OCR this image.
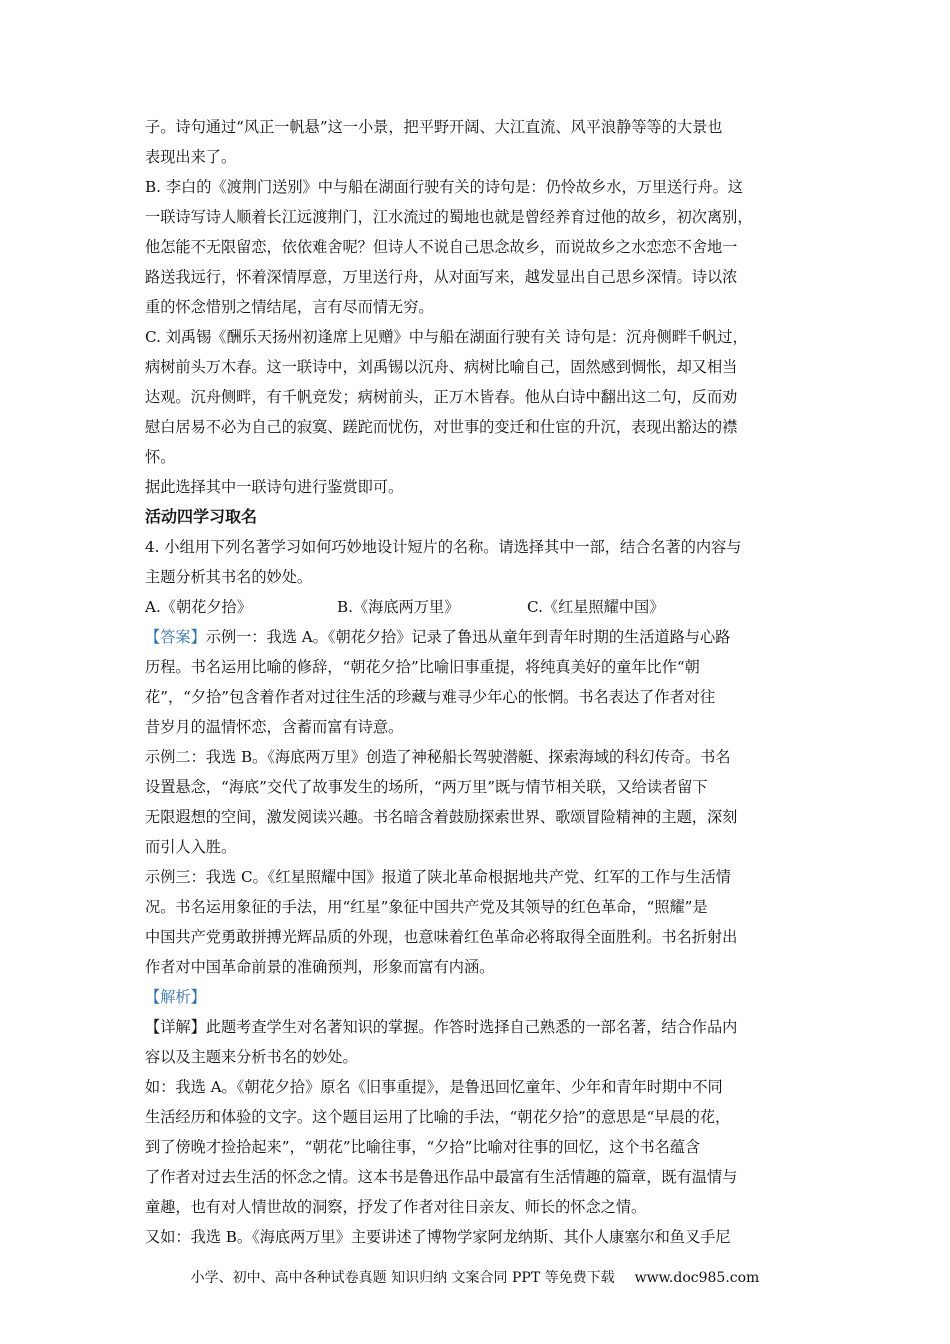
子。诗句通过“风正一帆悬”这一小景，把平野开阔、大江直流、风平浪静等等的大景也
表现出来了。
B. 李白的《渡荆门送别》中与船在湖面行驶有关的诗句是：仍怜故乡水，万里送行舟。这
一联诗写诗人顺着长江远渡荆门，江水流过的蜀地也就是曾经养育过他的故乡，初次离别，
他怎能不无限留恋，依依难舍呢？但诗人不说自己思念故乡，而说故乡之水恋恋不舍地一
路送我远行，怀着深情厚意，万里送行舟，从对面写来，越发显出自己思乡深情。诗以浓
重的怀念惜别之情结尾，言有尽而情无穷。
C. 刘禹锡《酬乐天扬州初逢席上见赠》中与船在湖面行驶有关 诗句是：沉舟侧畔千帆过，
病树前头万木春。这一联诗中，刘禹锡以沉舟、病树比喻自己，固然感到惆怅，却又相当
达观。沉舟侧畔，有千帆竞发；病树前头，正万木皆春。他从白诗中翻出这二句，反而劝
慰白居易不必为自己的寂寞、蹉跎而忧伤，对世事的变迁和仕宦的升沉，表现出豁达的襟
怀。
据此选择其中一联诗句进行鉴赏即可。
活动四学习取名
4. 小组用下列名著学习如何巧妙地设计短片的名称。请选择其中一部，结合名著的内容与
主题分析其书名的妙处。
A.《朝花夕拾》	B.《海底两万里》	C.《红星照耀中国》
【答案】示例一：我选 A。《朝花夕拾》记录了鲁迅从童年到青年时期的生活道路与心路
历程。书名运用比喻的修辞，“朝花夕拾”比喻旧事重提，将纯真美好的童年比作“朝
花”，“夕拾”包含着作者对过往生活的珍藏与难寻少年心的怅惘。书名表达了作者对往
昔岁月的温情怀恋，含蓄而富有诗意。
示例二：我选 B。《海底两万里》创造了神秘船长驾驶潜艇、探索海域的科幻传奇。书名
设置悬念，“海底”交代了故事发生的场所，“两万里”既与情节相关联，又给读者留下
无限遐想的空间，激发阅读兴趣。书名暗含着鼓励探索世界、歌颂冒险精神的主题，深刻
而引人入胜。
示例三：我选 C。《红星照耀中国》报道了陕北革命根据地共产党、红军的工作与生活情
况。书名运用象征的手法，用“红星”象征中国共产党及其领导的红色革命，“照耀”是
中国共产党勇敢拼搏光辉品质的外现，也意味着红色革命必将取得全面胜利。书名折射出
作者对中国革命前景的准确预判，形象而富有内涵。
【解析】
【详解】此题考查学生对名著知识的掌握。作答时选择自己熟悉的一部名著，结合作品内
容以及主题来分析书名的妙处。
如：我选 A。《朝花夕拾》原名《旧事重提》，是鲁迅回忆童年、少年和青年时期中不同
生活经历和体验的文字。这个题目运用了比喻的手法，“朝花夕拾”的意思是“早晨的花，
到了傍晚才捡拾起来”，“朝花”比喻往事，“夕拾”比喻对往事的回忆，这个书名蕴含
了作者对过去生活的怀念之情。这本书是鲁迅作品中最富有生活情趣的篇章，既有温情与
童趣，也有对人情世故的洞察，抒发了作者对往日亲友、师长的怀念之情。
又如：我选 B。《海底两万里》主要讲述了博物学家阿龙纳斯、其仆人康塞尔和鱼叉手尼
小学、初中、高中各种试卷真题 知识归纳 文案合同 PPT 等免费下载 www.doc985.com
